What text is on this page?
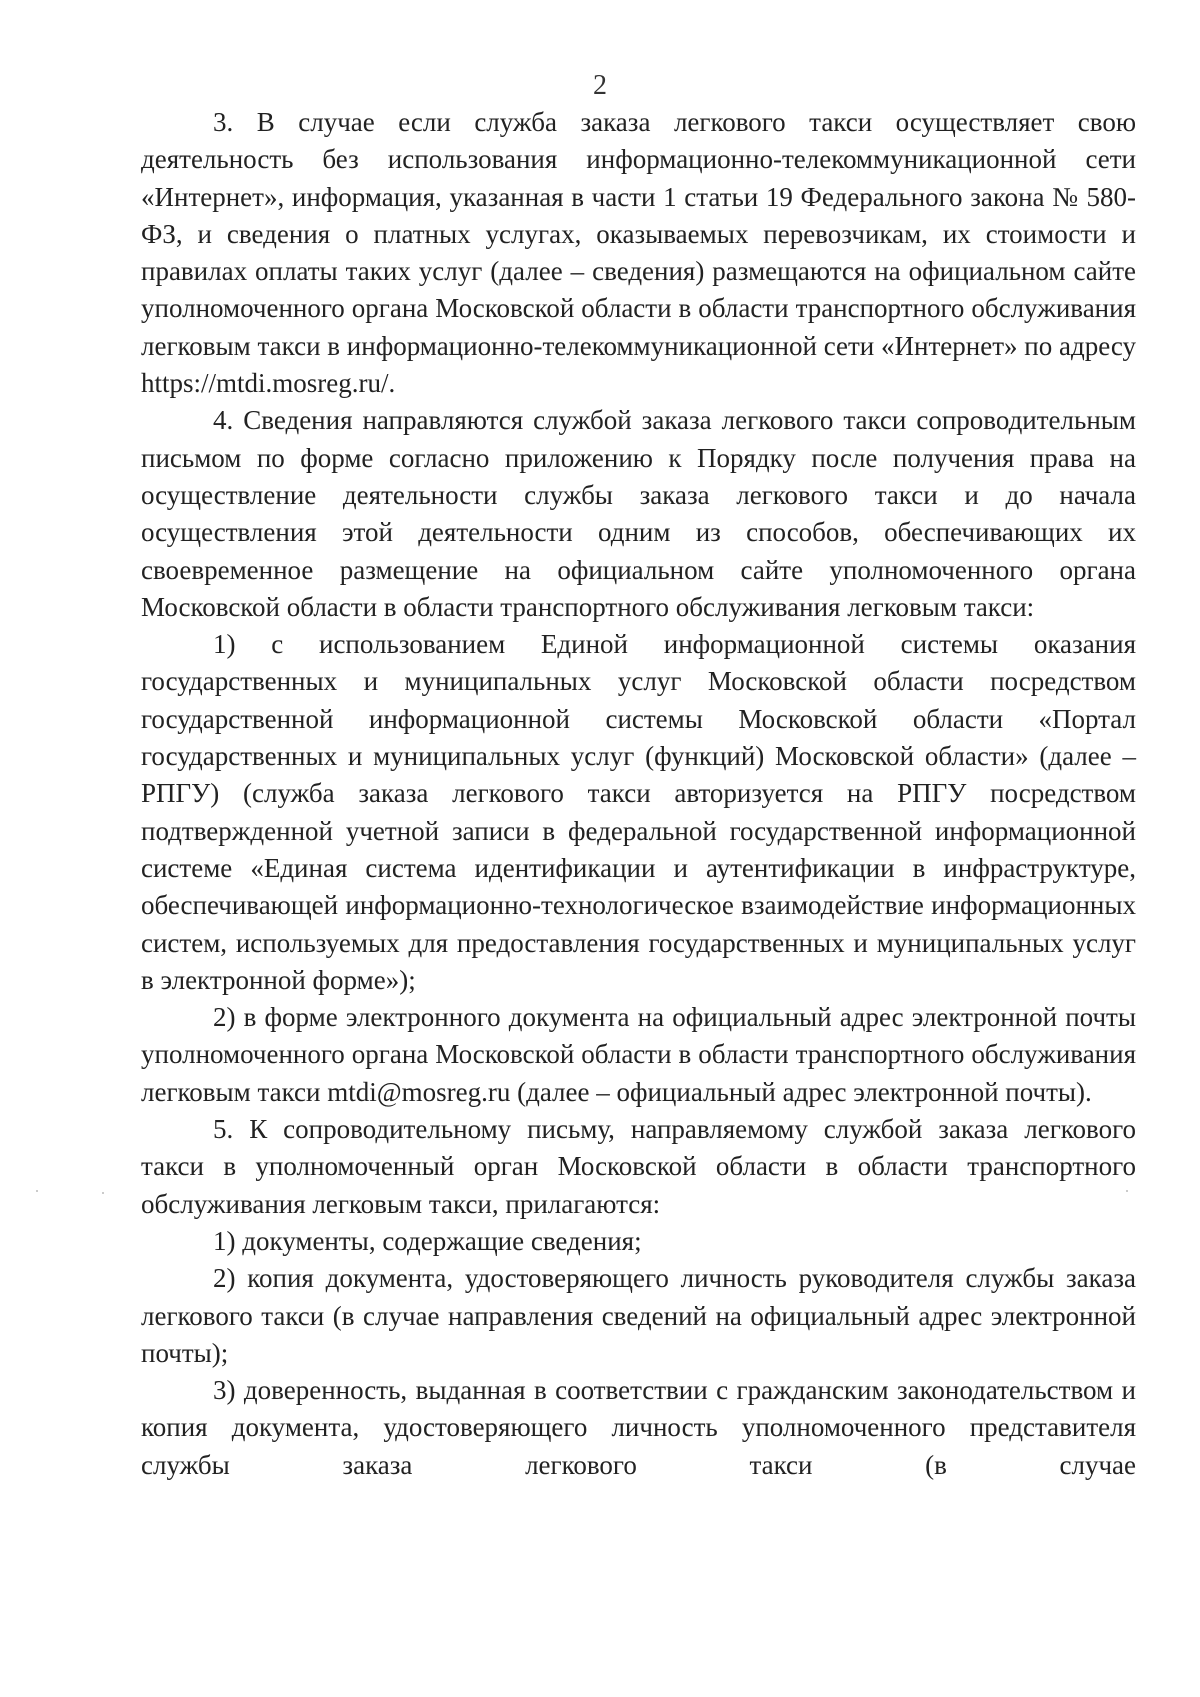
2

3. В случае если служба заказа легкового такси осуществляет свою деятельность без использования информационно-телекоммуникационной сети «Интернет», информация, указанная в части 1 статьи 19 Федерального закона № 580-ФЗ, и сведения о платных услугах, оказываемых перевозчикам, их стоимости и правилах оплаты таких услуг (далее – сведения) размещаются на официальном сайте уполномоченного органа Московской области в области транспортного обслуживания легковым такси в информационно-телекоммуникационной сети «Интернет» по адресу https://mtdi.mosreg.ru/.

4. Сведения направляются службой заказа легкового такси сопроводительным письмом по форме согласно приложению к Порядку после получения права на осуществление деятельности службы заказа легкового такси и до начала осуществления этой деятельности одним из способов, обеспечивающих их своевременное размещение на официальном сайте уполномоченного органа Московской области в области транспортного обслуживания легковым такси:

1) с использованием Единой информационной системы оказания государственных и муниципальных услуг Московской области посредством государственной информационной системы Московской области «Портал государственных и муниципальных услуг (функций) Московской области» (далее – РПГУ) (служба заказа легкового такси авторизуется на РПГУ посредством подтвержденной учетной записи в федеральной государственной информационной системе «Единая система идентификации и аутентификации в инфраструктуре, обеспечивающей информационно-технологическое взаимодействие информационных систем, используемых для предоставления государственных и муниципальных услуг в электронной форме»);

2) в форме электронного документа на официальный адрес электронной почты уполномоченного органа Московской области в области транспортного обслуживания легковым такси mtdi@mosreg.ru (далее – официальный адрес электронной почты).

5. К сопроводительному письму, направляемому службой заказа легкового такси в уполномоченный орган Московской области в области транспортного обслуживания легковым такси, прилагаются:

1) документы, содержащие сведения;

2) копия документа, удостоверяющего личность руководителя службы заказа легкового такси (в случае направления сведений на официальный адрес электронной почты);

3) доверенность, выданная в соответствии с гражданским законодательством и копия документа, удостоверяющего личность уполномоченного представителя службы заказа легкового такси (в случае
